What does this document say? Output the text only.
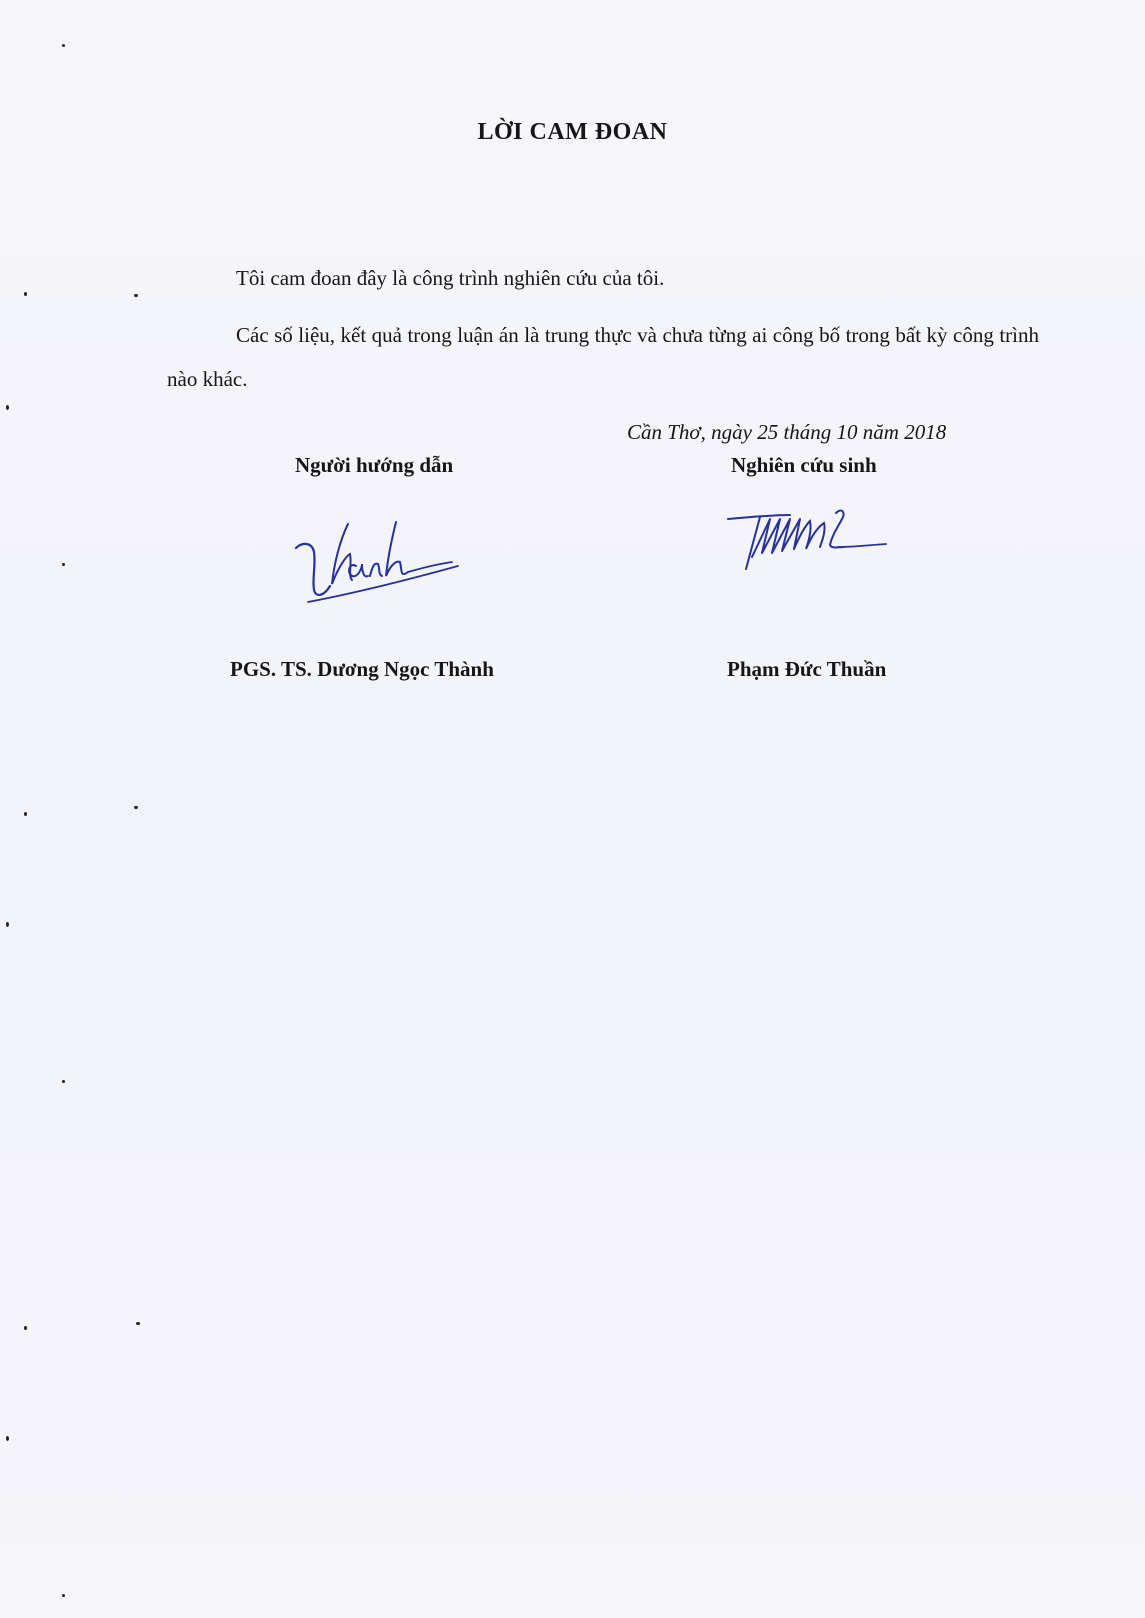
LỜI CAM ĐOAN
Tôi cam đoan đây là công trình nghiên cứu của tôi.
Các số liệu, kết quả trong luận án là trung thực và chưa từng ai công bố trong bất kỳ công trình nào khác.
Cần Thơ, ngày 25 tháng 10 năm 2018
Người hướng dẫn	Nghiên cứu sinh
PGS. TS. Dương Ngọc Thành	Phạm Đức Thuần
